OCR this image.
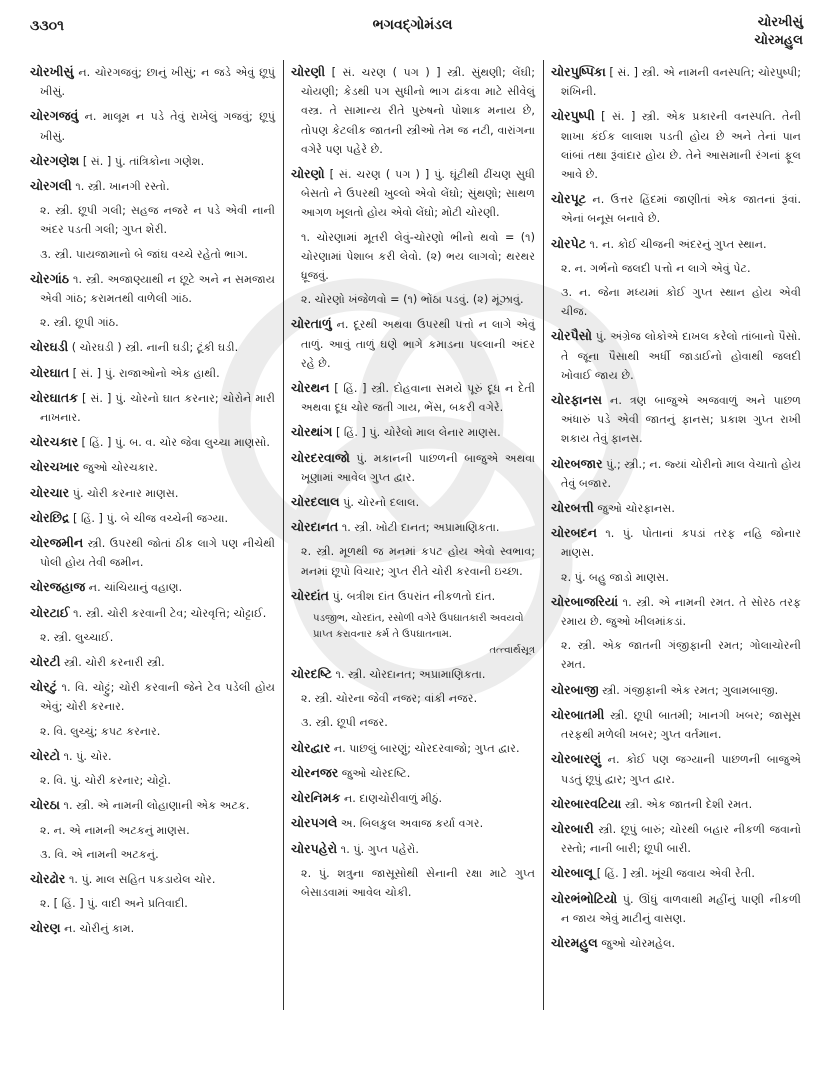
૩૩૦૧	ભગવદ્ગોમંડલ	ચોરખીસું
ચોરમહુલ
ચોરખીસું ન. ચોરગજવું; છાનું ખીસું; ન જડે એવું છૂપું ખીસું.
ચોરગજવું ન. માલૂમ ન પડે તેવું રાખેલું ગજવું; છૂપું ખીસું.
ચોરગણેશ [ સં. ] પું. તાંત્રિકોના ગણેશ.
ચોરગલી ૧. સ્ત્રી. ખાનગી રસ્તો.
૨. સ્ત્રી. છૂપી ગલી; સહજ નજરે ન પડે એવી નાની અંદર પડતી ગલી; ગુપ્ત શેરી.
૩. સ્ત્રી. પાયજામાનો બે જાંઘ વચ્ચે રહેતો ભાગ.
ચોરગાંઠ ૧. સ્ત્રી. અજાણ્યાથી ન છૂટે અને ન સમજાય એવી ગાંઠ; કરામતથી વાળેલી ગાંઠ.
૨. સ્ત્રી. છૂપી ગાંઠ.
ચોરઘડી ( ચોરઘડી ) સ્ત્રી. નાની ઘડી; ટૂંકી ઘડી.
ચોરઘાત [ સં. ] પું. રાજાઓનો એક હાથી.
ચોરઘાતક [ સં. ] પું. ચોરનો ઘાત કરનાર; ચોરોને મારી નાખનાર.
ચોરચકાર [ હિં. ] પું. બ. વ. ચોર જેવા લુચ્ચા માણસો.
ચોરચખાર જુઓ ચોરચકાર.
ચોરચાર પું. ચોરી કરનાર માણસ.
ચોરછિદ્ર [ હિં. ] પું. બે ચીજ વચ્ચેની જગ્યા.
ચોરજમીન સ્ત્રી. ઉપરથી જોતાં ઠીક લાગે પણ નીચેથી પોલી હોય તેવી જમીન.
ચોરજહાજ ન. ચાંચિયાનું વહાણ.
ચોરટાઈ ૧. સ્ત્રી. ચોરી કરવાની ટેવ; ચોરવૃત્તિ; ચોટ્ટાઈ.
૨. સ્ત્રી. લુચ્ચાઈ.
ચોરટી સ્ત્રી. ચોરી કરનારી સ્ત્રી.
ચોરટું ૧. વિ. ચોટ્ટું; ચોરી કરવાની જેને ટેવ પડેલી હોય એવું; ચોરી કરનાર.
૨. વિ. લુચ્ચું; કપટ કરનાર.
ચોરટો ૧. પું. ચોર.
૨. વિ. પું. ચોરી કરનાર; ચોટ્ટો.
ચોરઠા ૧. સ્ત્રી. એ નામની લોહાણાની એક અટક.
૨. ન. એ નામની અટકનું માણસ.
૩. વિ. એ નામની અટકનું.
ચોરઢોર ૧. પું. માલ સહિત પકડાયેલ ચોર.
૨. [ હિં. ] પું. વાદી અને પ્રતિવાદી.
ચોરણ ન. ચોરીનું કામ.
ચોરણી [ સં. ચરણ ( પગ ) ] સ્ત્રી. સુંથણી; લેંઘી; ચોયણી; કેડથી પગ સુધીનો ભાગ ઢાંકવા માટે સીવેલું વસ્ત્ર. તે સામાન્ય રીતે પુરુષનો પોશાક મનાય છે, તોપણ કેટલીક જાતની સ્ત્રીઓ તેમ જ નટી, વારાંગના વગેરે પણ પહેરે છે.
ચોરણો [ સં. ચરણ ( પગ ) ] પું. ઘૂંટીથી ઢીંચણ સુધી બેસતો ને ઉપરથી ખુલ્લો એવો લેંઘો; સુંથણો; સાથળ આગળ ખૂલતો હોય એવો લેંઘો; મોટી ચોરણી.
૧. ચોરણામાં મૂતરી લેવું-ચોરણો ભીનો થવો = (૧) ચોરણામાં પેશાબ કરી લેવો. (૨) ભય લાગવો; થરથર ધ્રૂજવું.
૨. ચોરણો ખંજેળવો = (૧) ભોંઠા પડવું. (૨) મૂંઝાવું.
ચોરતાળું ન. દૂરથી અથવા ઉપરથી પત્તો ન લાગે એવું તાળું. આવું તાળું ઘણે ભાગે કમાડના પલ્લાની અંદર રહે છે.
ચોરથન [ હિં. ] સ્ત્રી. દોહવાના સમયે પૂરું દૂધ ન દેતી અથવા દૂધ ચોર જતી ગાય, ભેંસ, બકરી વગેરે.
ચોરથાંગ [ હિં. ] પું. ચોરેલો માલ લેનાર માણસ.
ચોરદરવાજો પું. મકાનની પાછળની બાજુએ અથવા ખૂણામાં આવેલ ગુપ્ત દ્વાર.
ચોરદલાલ પું. ચોરનો દલાલ.
ચોરદાનત ૧. સ્ત્રી. ખોટી દાનત; અપ્રામાણિકતા.
૨. સ્ત્રી. મૂળથી જ મનમાં કપટ હોય એવો સ્વભાવ; મનમાં છૂપો વિચાર; ગુપ્ત રીતે ચોરી કરવાની ઇચ્છા.
ચોરદાંત પું. બત્રીશ દાંત ઉપરાંત નીકળતો દાંત.
પડજીભ, ચોરદાંત, રસોળી વગેરે ઉપઘાતકારી અવયવો પ્રાપ્ત કરાવનાર કર્મ તે ઉપઘાતનામ.
તત્ત્વાર્થસૂત્ર
ચોરદષ્ટિ ૧. સ્ત્રી. ચોરદાનત; અપ્રામાણિકતા.
૨. સ્ત્રી. ચોરના જેવી નજર; વાંકી નજર.
૩. સ્ત્રી. છૂપી નજર.
ચોરદ્વાર ન. પાછલું બારણું; ચોરદરવાજો; ગુપ્ત દ્વાર.
ચોરનજર જુઓ ચોરદષ્ટિ.
ચોરનિમક ન. દાણચોરીવાળું મીઠું.
ચોરપગલે અ. બિલકુલ અવાજ કર્યા વગર.
ચોરપહેરો ૧. પું. ગુપ્ત પહેરો.
૨. પું. શત્રુના જાસૂસોથી સેનાની રક્ષા માટે ગુપ્ત બેસાડવામાં આવેલ ચોકી.
ચોરપુષ્પિકા [ સં. ] સ્ત્રી. એ નામની વનસ્પતિ; ચોરપુષ્પી; શંખિની.
ચોરપુષ્પી [ સં. ] સ્ત્રી. એક પ્રકારની વનસ્પતિ. તેની શાખા કંઈક લાલાશ પડતી હોય છે અને તેનાં પાન લાંબાં તથા રૂંવાંદાર હોય છે. તેને આસમાની રંગનાં ફૂલ આવે છે.
ચોરપૂટ ન. ઉત્તર હિંદમાં જાણીતાં એક જાતનાં રૂંવાં. એનાં બનૂસ બનાવે છે.
ચોરપેટ ૧. ન. કોઈ ચીજની અંદરનું ગુપ્ત સ્થાન.
૨. ન. ગર્ભનો જલદી પત્તો ન લાગે એવું પેટ.
૩. ન. જેના મધ્યમાં કોઈ ગુપ્ત સ્થાન હોય એવી ચીજ.
ચોરપૈસો પું. અંગ્રેજ લોકોએ દાખલ કરેલો તાંબાનો પૈસો. તે જૂના પૈસાથી અર્ધી જાડાઈનો હોવાથી જલદી ખોવાઈ જાય છે.
ચોરફાનસ ન. ત્રણ બાજુએ અજવાળું અને પાછળ અંધારું પડે એવી જાતનું ફાનસ; પ્રકાશ ગુપ્ત રાખી શકાય તેવું ફાનસ.
ચોરબજાર પું.; સ્ત્રી.; ન. જ્યાં ચોરીનો માલ વેચાતો હોય તેવું બજાર.
ચોરબત્તી જુઓ ચોરફાનસ.
ચોરબદન ૧. પું. પોતાનાં કપડાં તરફ નહિ જોનાર માણસ.
૨. પું. બહુ જાડો માણસ.
ચોરબાજરિયાં ૧. સ્ત્રી. એ નામની રમત. તે સોરઠ તરફ રમાય છે. જુઓ ખીલમાંકડાં.
૨. સ્ત્રી. એક જાતની ગંજીફાની રમત; ગોલાચોરની રમત.
ચોરબાજી સ્ત્રી. ગંજીફાની એક રમત; ગુલામબાજી.
ચોરબાતમી સ્ત્રી. છૂપી બાતમી; ખાનગી ખબર; જાસૂસ તરફથી મળેલી ખબર; ગુપ્ત વર્તમાન.
ચોરબારણું ન. કોઈ પણ જગ્યાની પાછળની બાજુએ પડતું છૂપું દ્વાર; ગુપ્ત દ્વાર.
ચોરબારવટિયા સ્ત્રી. એક જાતની દેશી રમત.
ચોરબારી સ્ત્રી. છૂપું બારું; ચોરથી બહાર નીકળી જવાનો રસ્તો; નાની બારી; છૂપી બારી.
ચોરબાલૂ [ હિં. ] સ્ત્રી. ખૂંચી જવાય એવી રેતી.
ચોરભંભોટિયો પું. ઊંધું વાળવાથી મહીંનું પાણી નીકળી ન જાય એવું માટીનું વાસણ.
ચોરમહુલ જુઓ ચોરમહેલ.
